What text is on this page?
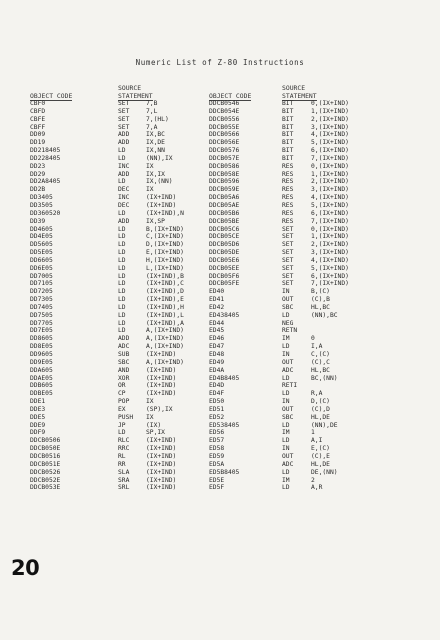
Numeric List of Z-80 Instructions

OBJECT CODE
SOURCE
STATEMENT
	OBJECT CODE
SOURCE
STATEMENT
CBF0
CBFD
CBFE
CBFF
DD09
DD19
DD218405
DD228405
DD23
DD29
DD2A8405
DD2B
DD3405
DD3505
DD360520
DD39
DD4605
DD4E05
DD5605
DD5E05
DD6605
DD6E05
DD7005
DD7105
DD7205
DD7305
DD7405
DD7505
DD7705
DD7E05
DD8605
DD8E05
DD9605
DD9E05
DDA605
DDAE05
DDB605
DDBE05
DDE1
DDE3
DDE5
DDE9
DDF9
DDCB0506
DDCB050E
DDCB0516
DDCB051E
DDCB0526
DDCB052E
DDCB053E
SET
SET
SET
SET
ADD
ADD
LD
LD
INC
ADD
LD
DEC
INC
DEC
LD
ADD
LD
LD
LD
LD
LD
LD
LD
LD
LD
LD
LD
LD
LD
LD
ADD
ADC
SUB
SBC
AND
XOR
OR
CP
POP
EX
PUSH
JP
LD
RLC
RRC
RL
RR
SLA
SRA
SRL
7,B
7,L
7,(HL)
7,A
IX,BC
IX,DE
IX,NN
(NN),IX
IX
IX,IX
IX,(NN)
IX
(IX+IND)
(IX+IND)
(IX+IND),N
IX,SP
B,(IX+IND)
C,(IX+IND)
D,(IX+IND)
E,(IX+IND)
H,(IX+IND)
L,(IX+IND)
(IX+IND),B
(IX+IND),C
(IX+IND),D
(IX+IND),E
(IX+IND),H
(IX+IND),L
(IX+IND),A
A,(IX+IND)
A,(IX+IND)
A,(IX+IND)
(IX+IND)
A,(IX+IND)
(IX+IND)
(IX+IND)
(IX+IND)
(IX+IND)
IX
(SP),IX
IX
(IX)
SP,IX
(IX+IND)
(IX+IND)
(IX+IND)
(IX+IND)
(IX+IND)
(IX+IND)
(IX+IND)
DDCB0546
DDCB054E
DDCB0556
DDCB055E
DDCB0566
DDCB056E
DDCB0576
DDCB057E
DDCB0586
DDCB058E
DDCB0596
DDCB059E
DDCB05A6
DDCB05AE
DDCB05B6
DDCB05BE
DDCB05C6
DDCB05CE
DDCB05D6
DDCB05DE
DDCB05E6
DDCB05EE
DDCB05F6
DDCB05FE
ED40
ED41
ED42
ED438405
ED44
ED45
ED46
ED47
ED48
ED49
ED4A
ED4B8405
ED4D
ED4F
ED50
ED51
ED52
ED538405
ED56
ED57
ED58
ED59
ED5A
ED5B8405
ED5E
ED5F
BIT
BIT
BIT
BIT
BIT
BIT
BIT
BIT
RES
RES
RES
RES
RES
RES
RES
RES
SET
SET
SET
SET
SET
SET
SET
SET
IN
OUT
SBC
LD
NEG
RETN
IM
LD
IN
OUT
ADC
LD
RETI
LD
IN
OUT
SBC
LD
IM
LD
IN
OUT
ADC
LD
IM
LD
0,(IX+IND)
1,(IX+IND)
2,(IX+IND)
3,(IX+IND)
4,(IX+IND)
5,(IX+IND)
6,(IX+IND)
7,(IX+IND)
0,(IX+IND)
1,(IX+IND)
2,(IX+IND)
3,(IX+IND)
4,(IX+IND)
5,(IX+IND)
6,(IX+IND)
7,(IX+IND)
0,(IX+IND)
1,(IX+IND)
2,(IX+IND)
3,(IX+IND)
4,(IX+IND)
5,(IX+IND)
6,(IX+IND)
7,(IX+IND)
B,(C)
(C),B
HL,BC
(NN),BC
0
I,A
C,(C)
(C),C
HL,BC
BC,(NN)
R,A
D,(C)
(C),D
HL,DE
(NN),DE
1
A,I
E,(C)
(C),E
HL,DE
DE,(NN)
2
A,R
20
